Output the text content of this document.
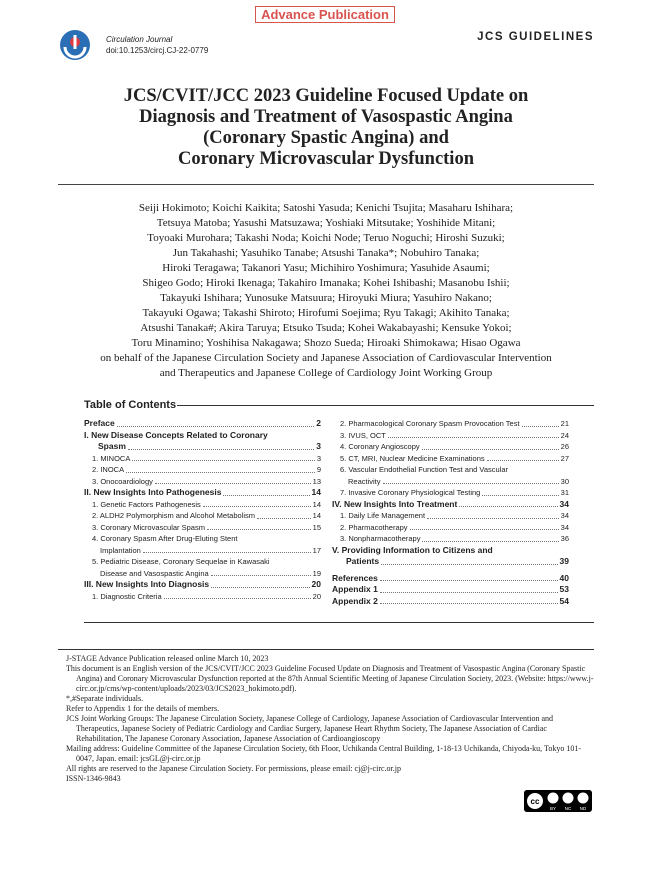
Advance Publication
Circulation Journal
doi:10.1253/circj.CJ-22-0779
JCS GUIDELINES
JCS/CVIT/JCC 2023 Guideline Focused Update on
Diagnosis and Treatment of Vasospastic Angina
(Coronary Spastic Angina) and
Coronary Microvascular Dysfunction
Seiji Hokimoto; Koichi Kaikita; Satoshi Yasuda; Kenichi Tsujita; Masaharu Ishihara;
Tetsuya Matoba; Yasushi Matsuzawa; Yoshiaki Mitsutake; Yoshihide Mitani;
Toyoaki Murohara; Takashi Noda; Koichi Node; Teruo Noguchi; Hiroshi Suzuki;
Jun Takahashi; Yasuhiko Tanabe; Atsushi Tanaka*; Nobuhiro Tanaka;
Hiroki Teragawa; Takanori Yasu; Michihiro Yoshimura; Yasuhide Asaumi;
Shigeo Godo; Hiroki Ikenaga; Takahiro Imanaka; Kohei Ishibashi; Masanobu Ishii;
Takayuki Ishihara; Yunosuke Matsuura; Hiroyuki Miura; Yasuhiro Nakano;
Takayuki Ogawa; Takashi Shiroto; Hirofumi Soejima; Ryu Takagi; Akihito Tanaka;
Atsushi Tanaka#; Akira Taruya; Etsuko Tsuda; Kohei Wakabayashi; Kensuke Yokoi;
Toru Minamino; Yoshihisa Nakagawa; Shozo Sueda; Hiroaki Shimokawa; Hisao Ogawa
on behalf of the Japanese Circulation Society and Japanese Association of Cardiovascular Intervention
and Therapeutics and Japanese College of Cardiology Joint Working Group
Table of Contents
Preface	2
I. New Disease Concepts Related to Coronary
Spasm	3
1. MINOCA	3
2. INOCA	9
3. Onocoardiology	13
II. New Insights Into Pathogenesis	14
1. Genetic Factors Pathogenesis	14
2. ALDH2 Polymorphism and Alcohol Metabolism	14
3. Coronary Microvascular Spasm	15
4. Coronary Spasm After Drug-Eluting Stent
Implantation	17
5. Pediatric Disease, Coronary Sequelae in Kawasaki
Disease and Vasospastic Angina	19
III. New Insights Into Diagnosis	20
1. Diagnostic Criteria	20
2. Pharmacological Coronary Spasm Provocation Test	21
3. IVUS, OCT	24
4. Coronary Angioscopy	26
5. CT, MRI, Nuclear Medicine Examinations	27
6. Vascular Endothelial Function Test and Vascular
Reactivity	30
7. Invasive Coronary Physiological Testing	31
IV. New Insights Into Treatment	34
1. Daily Life Management	34
2. Pharmacotherapy	34
3. Nonpharmacotherapy	36
V. Providing Information to Citizens and
Patients	39
References	40
Appendix 1	53
Appendix 2	54

J-STAGE Advance Publication released online March 10, 2023

This document is an English version of the JCS/CVIT/JCC 2023 Guideline Focused Update on Diagnosis and Treatment of Vasospastic Angina (Coronary Spastic Angina) and Coronary Microvascular Dysfunction reported at the 87th Annual Scientific Meeting of Japanese Circulation Society, 2023. (Website: https://www.j-circ.or.jp/cms/wp-content/uploads/2023/03/JCS2023_hokimoto.pdf).

*,#Separate individuals.

Refer to Appendix 1 for the details of members.

JCS Joint Working Groups: The Japanese Circulation Society, Japanese College of Cardiology, Japanese Association of Cardiovascular Intervention and Therapeutics, Japanese Society of Pediatric Cardiology and Cardiac Surgery, Japanese Heart Rhythm Society, The Japanese Association of Cardiac Rehabilitation, The Japanese Coronary Association, Japanese Association of Cardioangioscopy

Mailing address: Guideline Committee of the Japanese Circulation Society, 6th Floor, Uchikanda Central Building, 1-18-13 Uchikanda, Chiyoda-ku, Tokyo 101-0047, Japan. email: jcsGL@j-circ.or.jp

All rights are reserved to the Japanese Circulation Society. For permissions, please email: cj@j-circ.or.jp

ISSN-1346-9843

cc
BY NC ND
